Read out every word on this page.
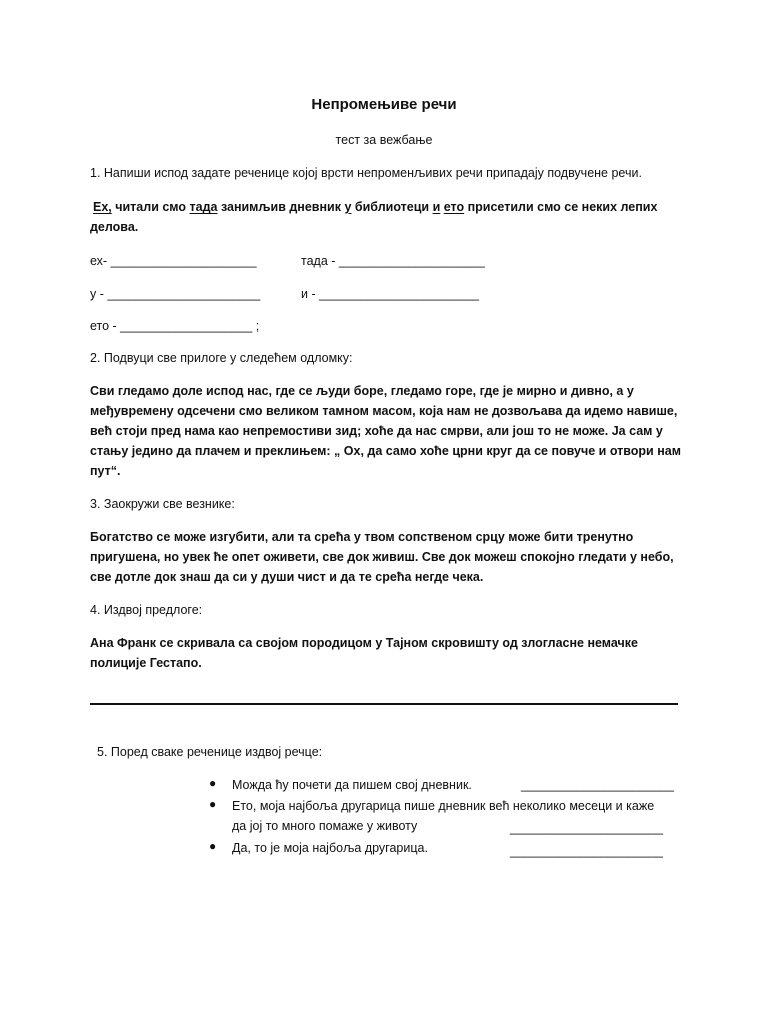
Непромењиве речи
тест за вежбање
1. Напиши испод задате реченице којој врсти непроменљивих речи припадају подвучене речи.
Ех, читали смо тада занимљив дневник у библиотеци и ето присетили смо се неких лепих
делова.
ех- _____________________	тада - _____________________
у - ______________________	и - _______________________
ето - ___________________ ;
2. Подвуци све прилоге у следећем одломку:

Сви гледамо доле испод нас, где се људи боре, гледамо горе, где је мирно и дивно, а у

међувремену одсечени смо великом тамном масом, која нам не дозвољава да идемо навише,

већ стоји пред нама као непремостиви зид; хоће да нас смрви, али још то не може. Ја сам у

стању једино да плачем и преклињем: „ Ох, да само хоће црни круг да се повуче и отвори нам

пут“.

3. Заокружи све везнике:

Богатство се може изгубити, али та срећа у твом сопственом срцу може бити тренутно

пригушена, но увек ће опет оживети, све док живиш. Све док можеш спокојно гледати у небо,

све дотле док знаш да си у души чист и да те срећа негде чека.

4. Издвој предлоге:

Ана Франк се скривала са својом породицом у Тајном скровишту од злогласне немачке

полиције Гестапо.

5. Поред сваке реченице издвој речце:
● Можда ћу почети да пишем свој дневник.	______________________
● Ето, моја најбоља другарица пише дневник већ неколико месеци и каже
да јој то много помаже у животу	______________________
● Да, то је моја најбоља другарица.	______________________
